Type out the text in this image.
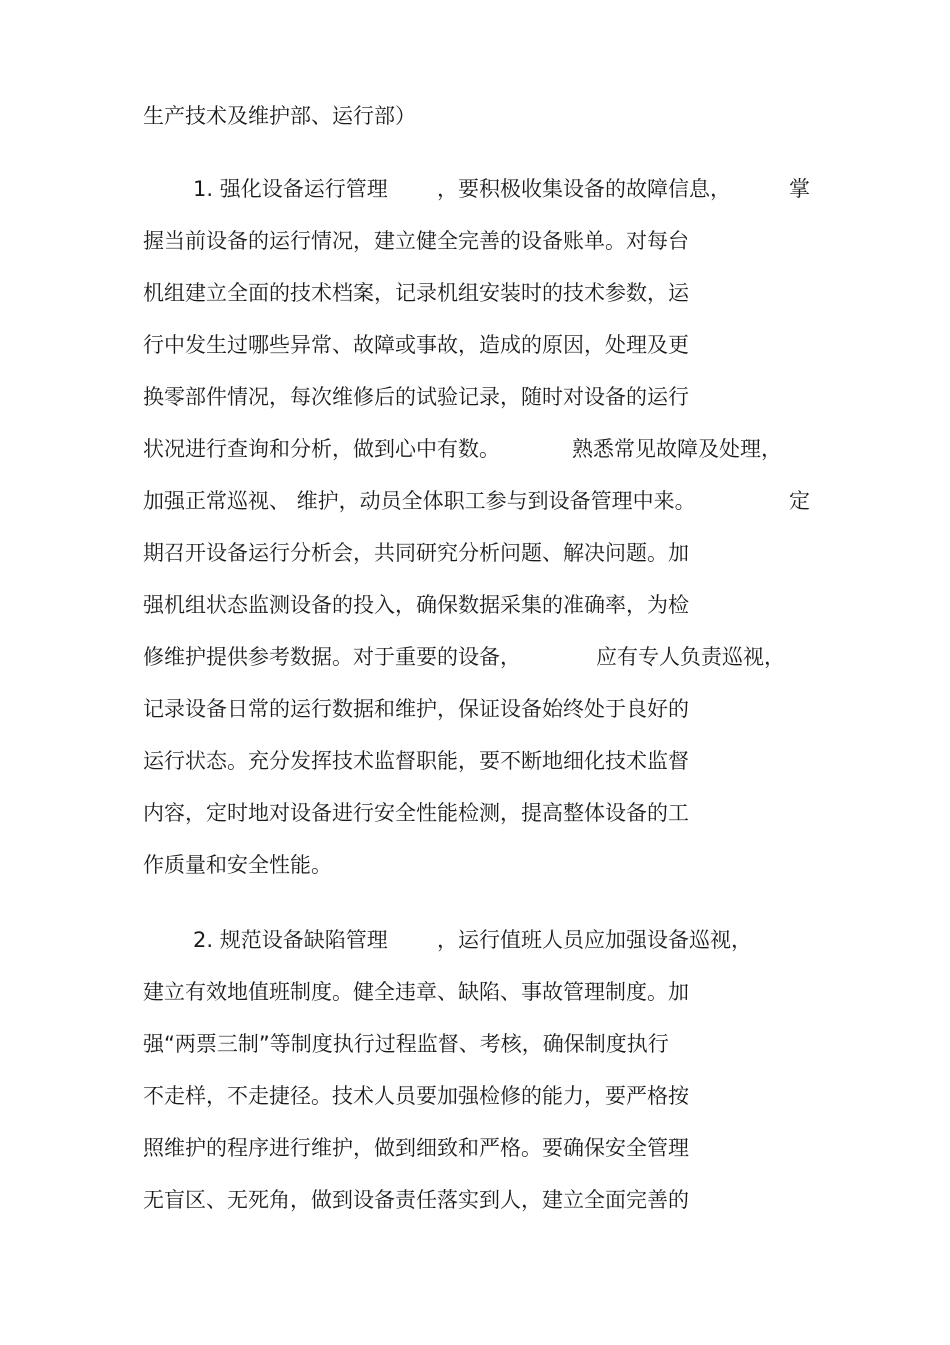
生产技术及维护部、运行部）
1. 强化设备运行管理 ，要积极收集设备的故障信息，	掌
握当前设备的运行情况，建立健全完善的设备账单。对每台
机组建立全面的技术档案，记录机组安装时的技术参数，运
行中发生过哪些异常、故障或事故，造成的原因，处理及更
换零部件情况，每次维修后的试验记录，随时对设备的运行
状况进行查询和分析，做到心中有数。	熟悉常见故障及处理，
加强正常巡视、 维护，动员全体职工参与到设备管理中来。	定
期召开设备运行分析会，共同研究分析问题、解决问题。加
强机组状态监测设备的投入，确保数据采集的准确率，为检
修维护提供参考数据。对于重要的设备，	应有专人负责巡视，
记录设备日常的运行数据和维护，保证设备始终处于良好的
运行状态。充分发挥技术监督职能，要不断地细化技术监督
内容，定时地对设备进行安全性能检测，提高整体设备的工
作质量和安全性能。
2. 规范设备缺陷管理 ，运行值班人员应加强设备巡视，
建立有效地值班制度。健全违章、缺陷、事故管理制度。加
强“两票三制”等制度执行过程监督、考核，确保制度执行
不走样，不走捷径。技术人员要加强检修的能力，要严格按
照维护的程序进行维护，做到细致和严格。要确保安全管理
无盲区、无死角，做到设备责任落实到人，建立全面完善的
